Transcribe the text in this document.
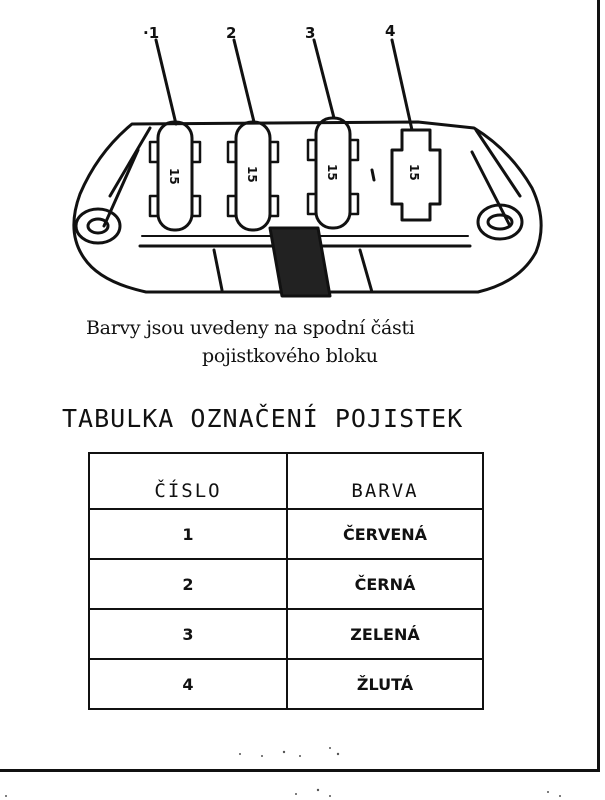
·1	2	3	4
15	15	15	15
Barvy jsou uvedeny na spodní části
pojistkového bloku
TABULKA OZNAČENÍ POJISTEK
ČÍSLO	BARVA
1	ČERVENÁ
2	ČERNÁ
3	ZELENÁ
4	ŽLUTÁ
